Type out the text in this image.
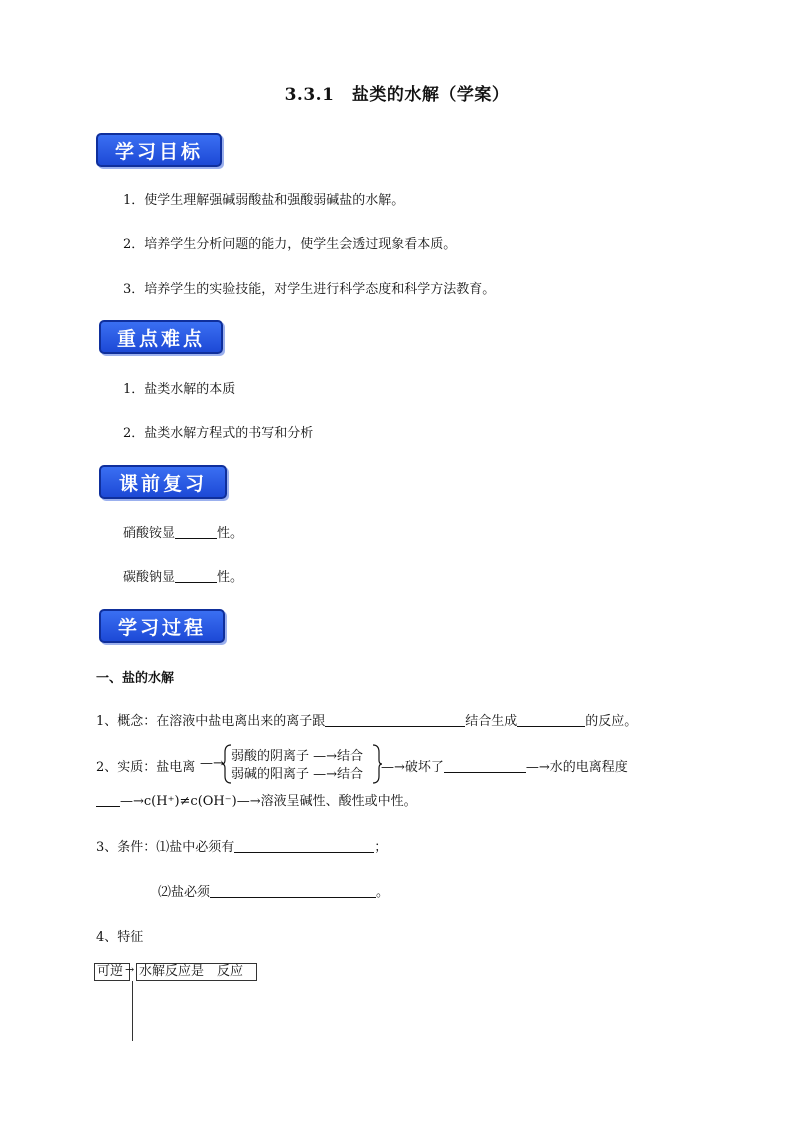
3.3.1　盐类的水解（学案）
学习目标
1．使学生理解强碱弱酸盐和强酸弱碱盐的水解。
2．培养学生分析问题的能力，使学生会透过现象看本质。
3．培养学生的实验技能，对学生进行科学态度和科学方法教育。
重点难点
1．盐类水解的本质
2．盐类水解方程式的书写和分析
课前复习
硝酸铵显	性。
碳酸钠显	性。
学习过程
一、盐的水解
1、概念：在溶液中盐电离出来的离子跟	结合生成	的反应。
2、实质：盐电离 —→ 弱酸的阴离子 —→结合
弱碱的阳离子 —→结合 —→破坏了	—→水的电离程度
—→c(H⁺)≠c(OH⁻)—→溶液呈碱性、酸性或中性。
3、条件：⑴盐中必须有	；
⑵盐必须	。
4、特征
可逆 → 水解反应是　反应
